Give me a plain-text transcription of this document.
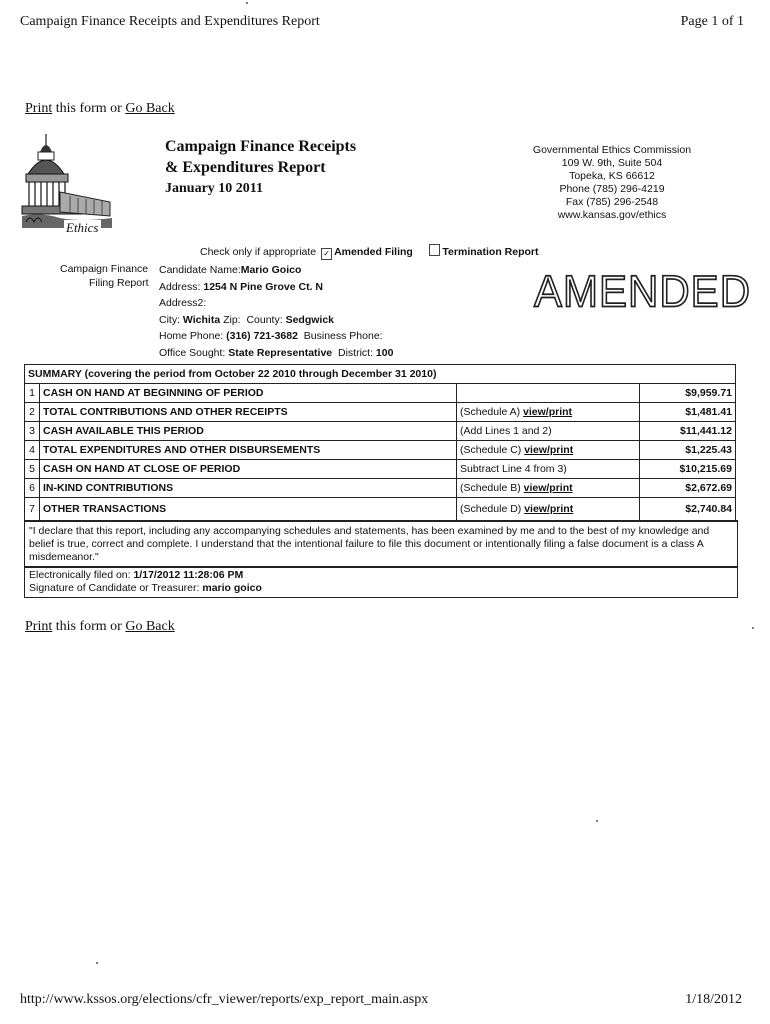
Campaign Finance Receipts and Expenditures Report	Page 1 of 1
Print this form or Go Back
Ethics
Campaign Finance Receipts
& Expenditures Report
January 10 2011
Governmental Ethics Commission
109 W. 9th, Suite 504
Topeka, KS 66612
Phone (785) 296-4219
Fax (785) 296-2548
www.kansas.gov/ethics
Check only if appropriate ✓ Amended Filing	Termination Report
Campaign Finance
Filing Report
Candidate Name:Mario Goico
Address: 1254 N Pine Grove Ct. N
Address2:
City: Wichita Zip: County: Sedgwick
Home Phone: (316) 721-3682 Business Phone:
Office Sought: State Representative District: 100
AMENDED
SUMMARY (covering the period from October 22 2010 through December 31 2010)			
1	CASH ON HAND AT BEGINNING OF PERIOD		$9,959.71
2	TOTAL CONTRIBUTIONS AND OTHER RECEIPTS	(Schedule A) view/print	$1,481.41
3	CASH AVAILABLE THIS PERIOD	(Add Lines 1 and 2)	$11,441.12
4	TOTAL EXPENDITURES AND OTHER DISBURSEMENTS	(Schedule C) view/print	$1,225.43
5	CASH ON HAND AT CLOSE OF PERIOD	Subtract Line 4 from 3)	$10,215.69
6	IN-KIND CONTRIBUTIONS	(Schedule B) view/print	$2,672.69
7	OTHER TRANSACTIONS	(Schedule D) view/print	$2,740.84
"I declare that this report, including any accompanying schedules and statements, has been examined by me and to the best of my knowledge and belief is true, correct and complete. I understand that the intentional failure to file this document or intentionally filing a false document is a class A misdemeanor."
Electronically filed on: 1/17/2012 11:28:06 PM
Signature of Candidate or Treasurer: mario goico
Print this form or Go Back
http://www.kssos.org/elections/cfr_viewer/reports/exp_report_main.aspx	1/18/2012
